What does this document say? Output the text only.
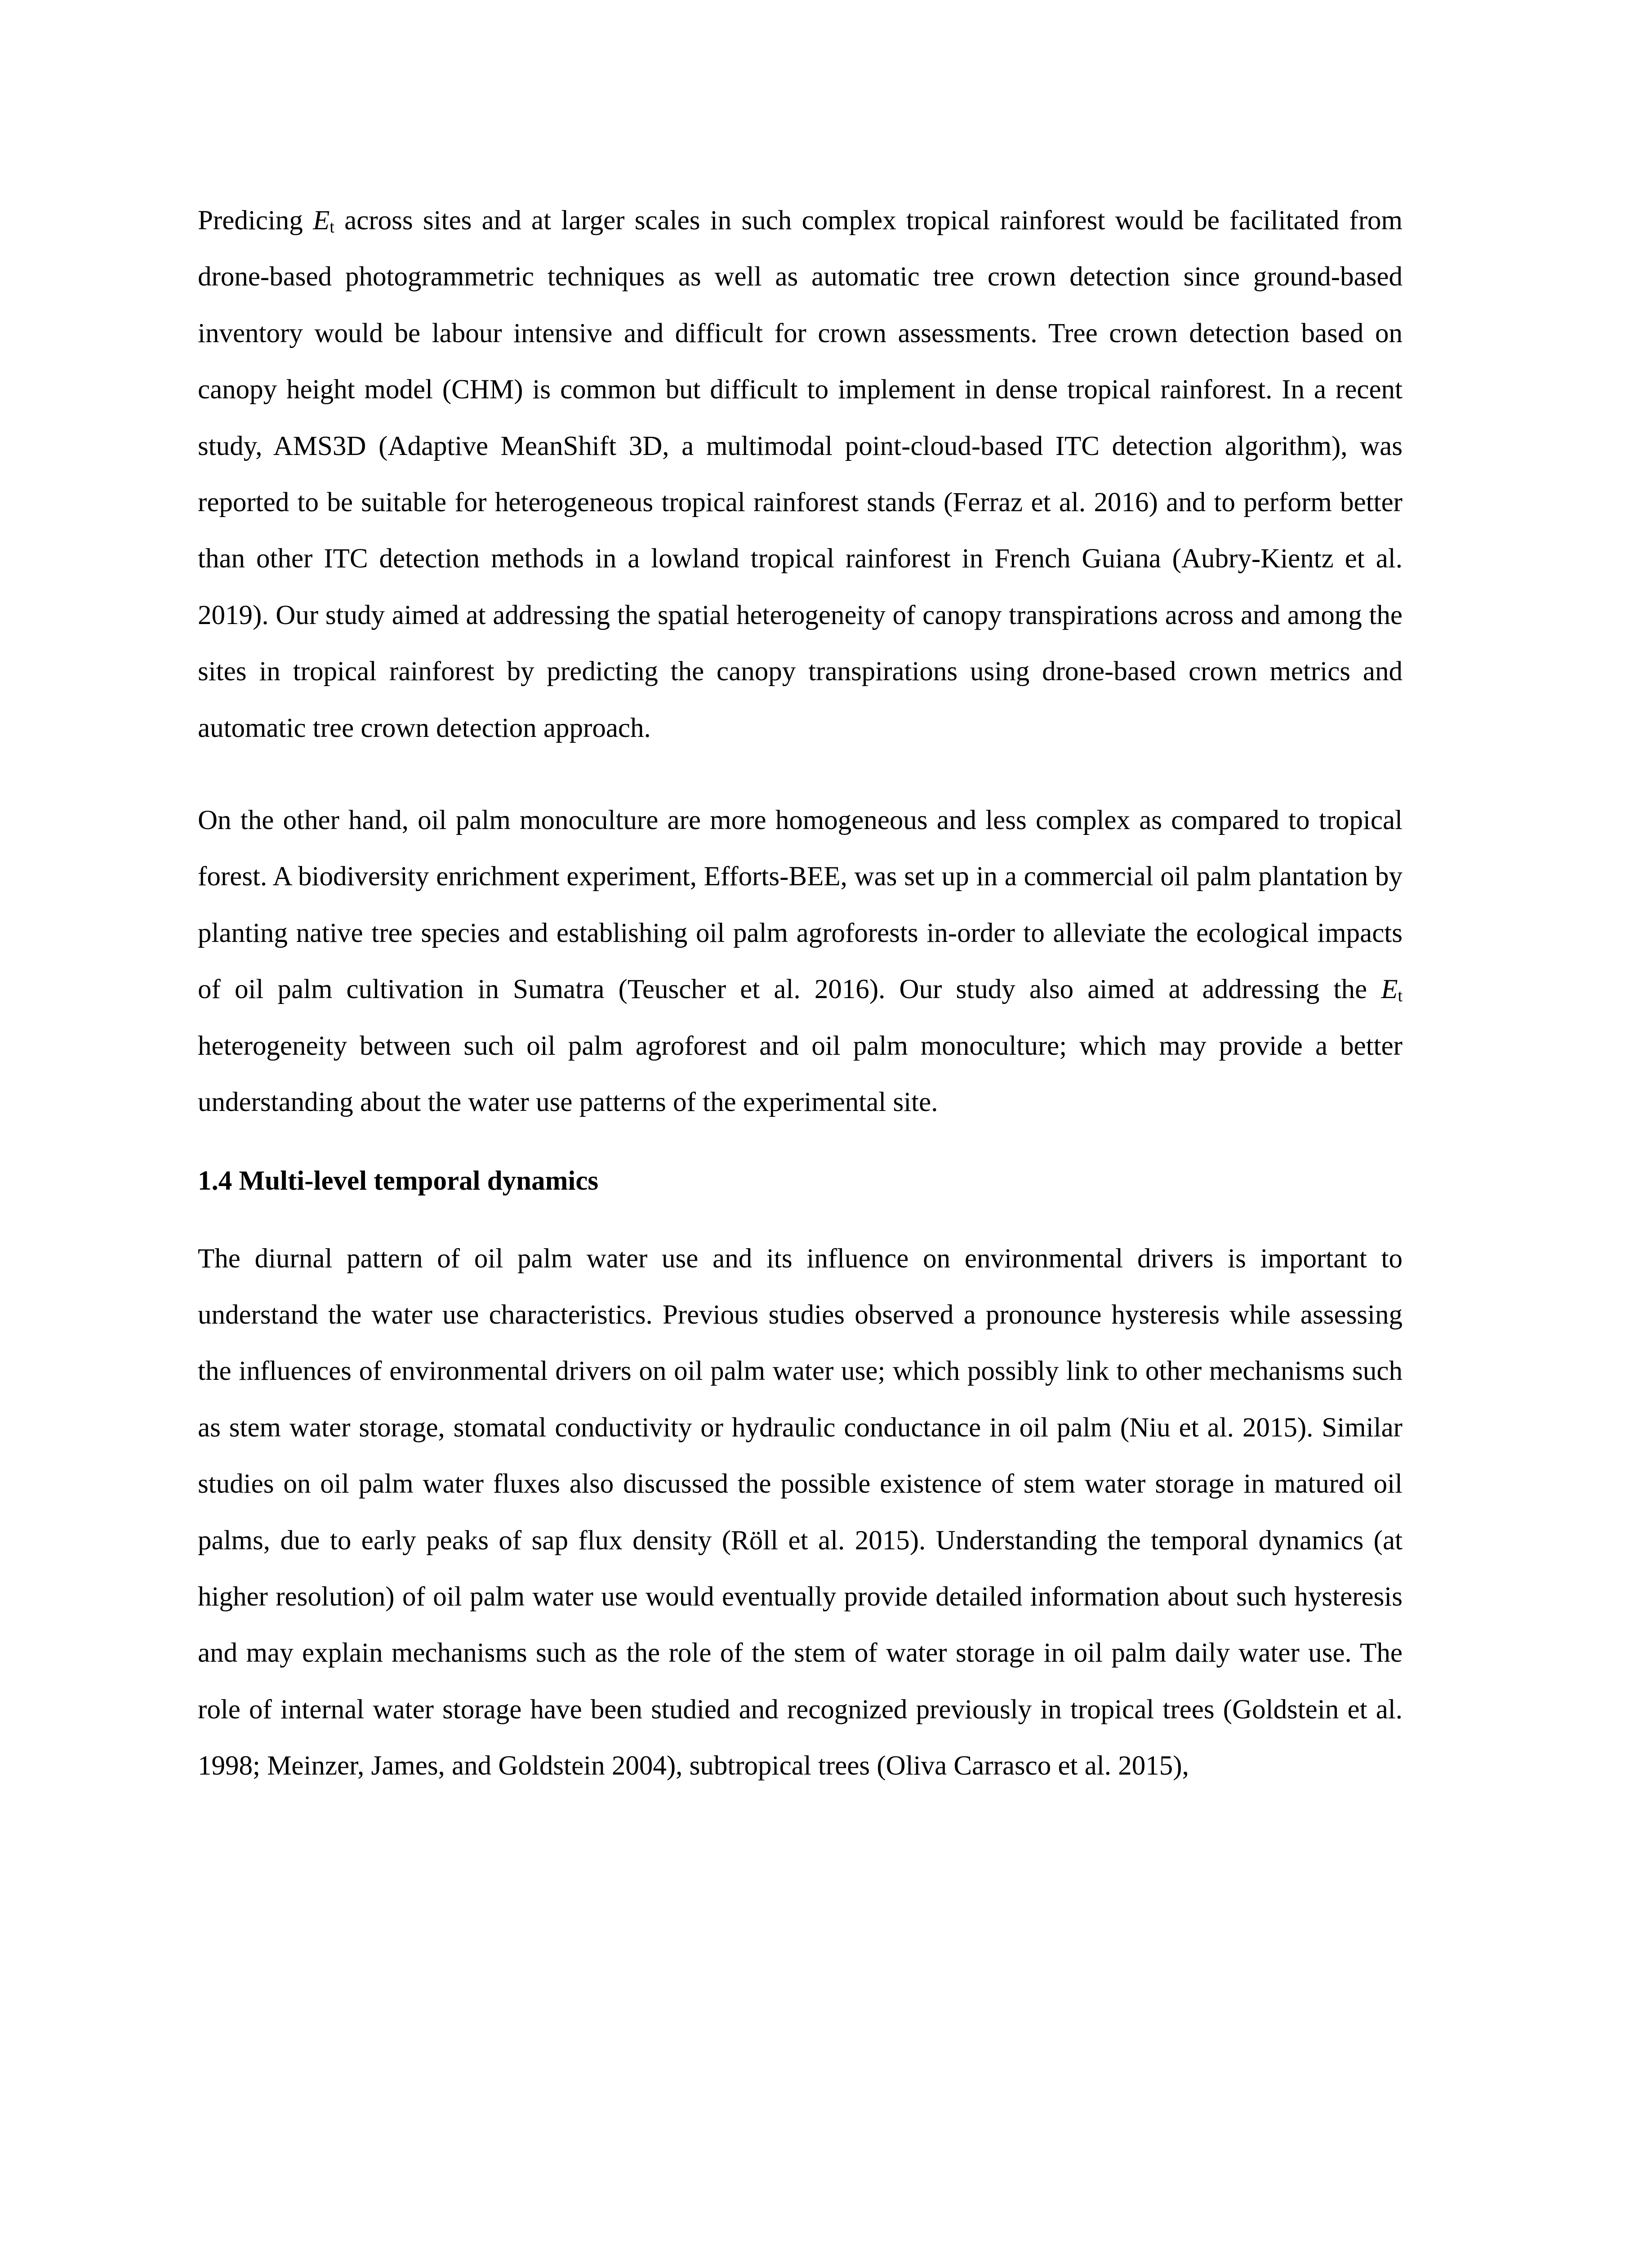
Predicing Et across sites and at larger scales in such complex tropical rainforest would be facilitated from drone-based photogrammetric techniques as well as automatic tree crown detection since ground-based inventory would be labour intensive and difficult for crown assessments. Tree crown detection based on canopy height model (CHM) is common but difficult to implement in dense tropical rainforest. In a recent study, AMS3D (Adaptive MeanShift 3D, a multimodal point-cloud-based ITC detection algorithm), was reported to be suitable for heterogeneous tropical rainforest stands (Ferraz et al. 2016) and to perform better than other ITC detection methods in a lowland tropical rainforest in French Guiana (Aubry-Kientz et al. 2019). Our study aimed at addressing the spatial heterogeneity of canopy transpirations across and among the sites in tropical rainforest by predicting the canopy transpirations using drone-based crown metrics and automatic tree crown detection approach.

On the other hand, oil palm monoculture are more homogeneous and less complex as compared to tropical forest. A biodiversity enrichment experiment, Efforts-BEE, was set up in a commercial oil palm plantation by planting native tree species and establishing oil palm agroforests in-order to alleviate the ecological impacts of oil palm cultivation in Sumatra (Teuscher et al. 2016). Our study also aimed at addressing the Et heterogeneity between such oil palm agroforest and oil palm monoculture; which may provide a better understanding about the water use patterns of the experimental site.

1.4 Multi-level temporal dynamics

The diurnal pattern of oil palm water use and its influence on environmental drivers is important to understand the water use characteristics. Previous studies observed a pronounce hysteresis while assessing the influences of environmental drivers on oil palm water use; which possibly link to other mechanisms such as stem water storage, stomatal conductivity or hydraulic conductance in oil palm (Niu et al. 2015). Similar studies on oil palm water fluxes also discussed the possible existence of stem water storage in matured oil palms, due to early peaks of sap flux density (Röll et al. 2015). Understanding the temporal dynamics (at higher resolution) of oil palm water use would eventually provide detailed information about such hysteresis and may explain mechanisms such as the role of the stem of water storage in oil palm daily water use. The role of internal water storage have been studied and recognized previously in tropical trees (Goldstein et al. 1998; Meinzer, James, and Goldstein 2004), subtropical trees (Oliva Carrasco et al. 2015),
